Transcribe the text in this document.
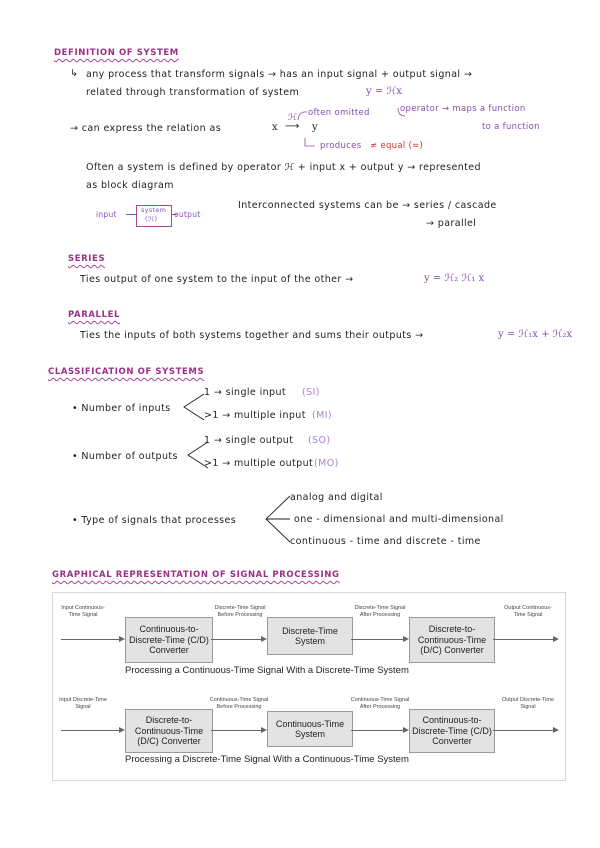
DEFINITION OF SYSTEM
↳ any process that transform signals → has an input signal + output signal →
related through transformation of system	y = ℋx
often omitted	operator → maps a function
to a function
→ can express the relation as	x
ℋ
⟶ y
produces ≠ equal (=)
Often a system is defined by operator ℋ + input x + output y → represented
as block diagram
input	system
(ℋ) output
Interconnected systems can be → series / cascade
→ parallel
SERIES
Ties output of one system to the input of the other →	y = ℋ₂ ℋ₁ x
PARALLEL
Ties the inputs of both systems together and sums their outputs →	y = ℋ₁x + ℋ₂x
CLASSIFICATION OF SYSTEMS
• Number of inputs
1 → single input (SI)
>1 → multiple input (MI)
• Number of outputs
1 → single output (SO)
>1 → multiple output (MO)
• Type of signals that processes
analog and digital
one - dimensional and multi-dimensional
continuous - time and discrete - time
GRAPHICAL REPRESENTATION OF SIGNAL PROCESSING
Input Continuous-Time Signal
Continuous-to- Discrete-Time (C/D) Converter
Discrete-Time Signal Before Processing
Discrete-Time System
Discrete-Time Signal After Processing
Discrete-to- Continuous-Time (D/C) Converter
Output Continuous-Time Signal
Processing a Continuous-Time Signal With a Discrete-Time System
Input Discrete-Time Signal
Discrete-to- Continuous-Time (D/C) Converter
Continuous-Time Signal Before Processing
Continuous-Time System
Continuous-Time Signal After Processing
Continuous-to- Discrete-Time (C/D) Converter
Output Discrete-Time Signal
Processing a Discrete-Time Signal With a Continuous-Time System
